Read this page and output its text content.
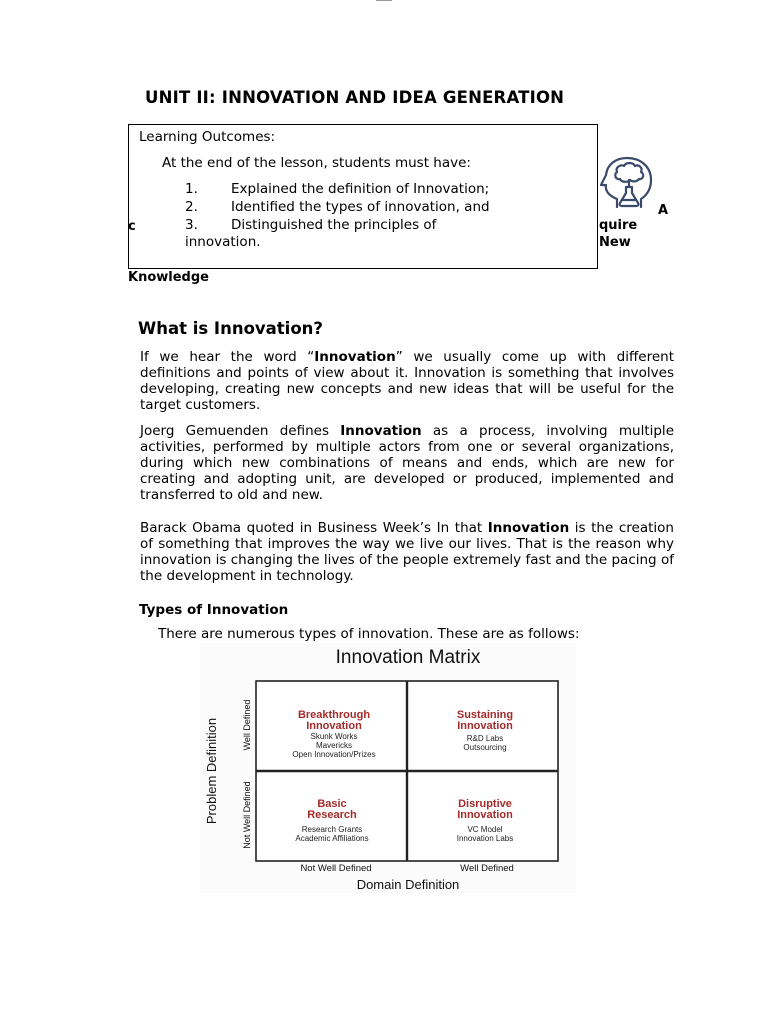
UNIT II: INNOVATION AND IDEA GENERATION
Learning Outcomes:
At the end of the lesson, students must have:
1. Explained the definition of Innovation;
2. Identified the types of innovation, and
3. Distinguished the principles of
innovation.
A
quire
New
c
Knowledge
What is Innovation?
If we hear the word “Innovation” we usually come up with different definitions and points of view about it. Innovation is something that involves developing, creating new concepts and new ideas that will be useful for the target customers.
Joerg Gemuenden defines Innovation as a process, involving multiple activities, performed by multiple actors from one or several organizations, during which new combinations of means and ends, which are new for creating and adopting unit, are developed or produced, implemented and transferred to old and new.
Barack Obama quoted in Business Week’s In that Innovation is the creation of something that improves the way we live our lives. That is the reason why innovation is changing the lives of the people extremely fast and the pacing of the development in technology.
Types of Innovation
There are numerous types of innovation. These are as follows:
Innovation Matrix
Problem Definition	Well Defined
Not Well Defined
Not Well Defined	Well Defined
Domain Definition
Breakthrough
Innovation
Skunk Works
Mavericks
Open Innovation/Prizes
Sustaining
Innovation
R&D Labs
Outsourcing
Basic
Research
Research Grants
Academic Affiliations
Disruptive
Innovation
VC Model
Innovation Labs
